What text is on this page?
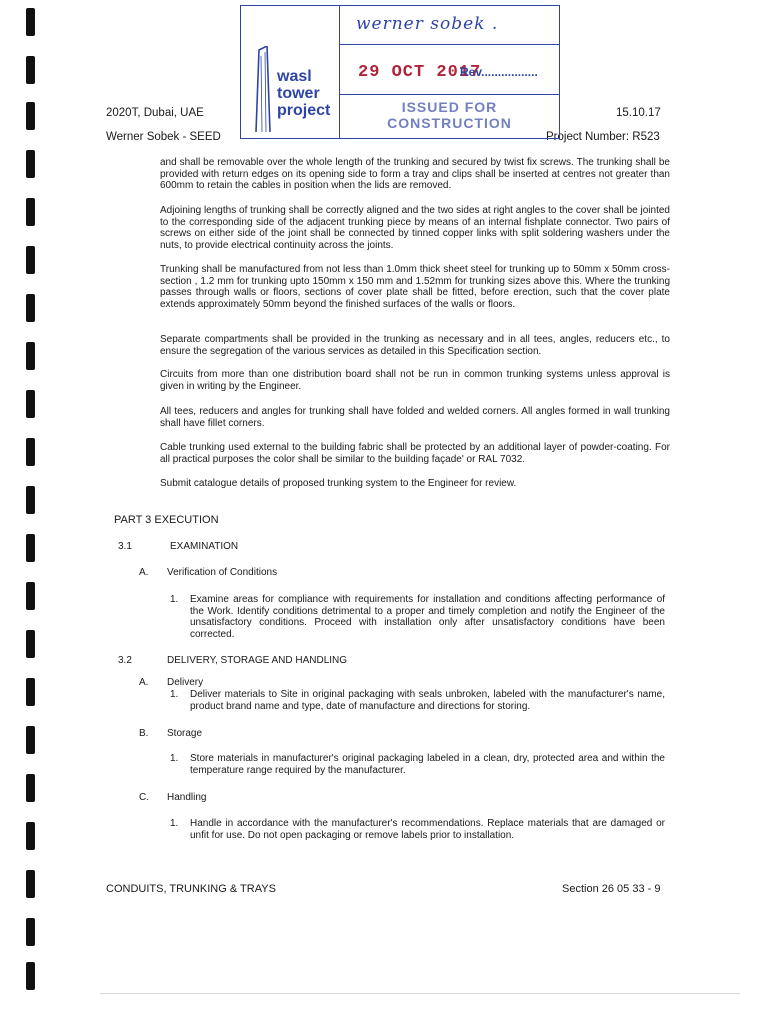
2020T, Dubai, UAE
Werner Sobek - SEED
15.10.17
Project Number: R523
wasl tower project
werner sobek .
29 OCT 2017
Rev.................
ISSUED FOR
CONSTRUCTION

and shall be removable over the whole length of the trunking and secured by twist fix screws. The trunking shall be provided with return edges on its opening side to form a tray and clips shall be inserted at centres not greater than 600mm to retain the cables in position when the lids are removed.

Adjoining lengths of trunking shall be correctly aligned and the two sides at right angles to the cover shall be jointed to the corresponding side of the adjacent trunking piece by means of an internal fishplate connector. Two pairs of screws on either side of the joint shall be connected by tinned copper links with split soldering washers under the nuts, to provide electrical continuity across the joints.

Trunking shall be manufactured from not less than 1.0mm thick sheet steel for trunking up to 50mm x 50mm cross-section , 1.2 mm for trunking upto 150mm x 150 mm and 1.52mm for trunking sizes above this. Where the trunking passes through walls or floors, sections of cover plate shall be fitted, before erection, such that the cover plate extends approximately 50mm beyond the finished surfaces of the walls or floors.

Separate compartments shall be provided in the trunking as necessary and in all tees, angles, reducers etc., to ensure the segregation of the various services as detailed in this Specification section.

Circuits from more than one distribution board shall not be run in common trunking systems unless approval is given in writing by the Engineer.

All tees, reducers and angles for trunking shall have folded and welded corners. All angles formed in wall trunking shall have fillet corners.

Cable trunking used external to the building fabric shall be protected by an additional layer of powder-coating. For all practical purposes the color shall be similar to the building façade' or RAL 7032.

Submit catalogue details of proposed trunking system to the Engineer for review.

PART 3 EXECUTION
3.1	EXAMINATION
A. Verification of Conditions
1. Examine areas for compliance with requirements for installation and conditions affecting performance of the Work. Identify conditions detrimental to a proper and timely completion and notify the Engineer of the unsatisfactory conditions. Proceed with installation only after unsatisfactory conditions have been corrected.

3.2	DELIVERY, STORAGE AND HANDLING
A. Delivery
1. Deliver materials to Site in original packaging with seals unbroken, labeled with the manufacturer's name, product brand name and type, date of manufacture and directions for storing.

B. Storage
1. Store materials in manufacturer's original packaging labeled in a clean, dry, protected area and within the temperature range required by the manufacturer.

C. Handling
1. Handle in accordance with the manufacturer's recommendations. Replace materials that are damaged or unfit for use. Do not open packaging or remove labels prior to installation.

CONDUITS, TRUNKING & TRAYS	Section 26 05 33 - 9
